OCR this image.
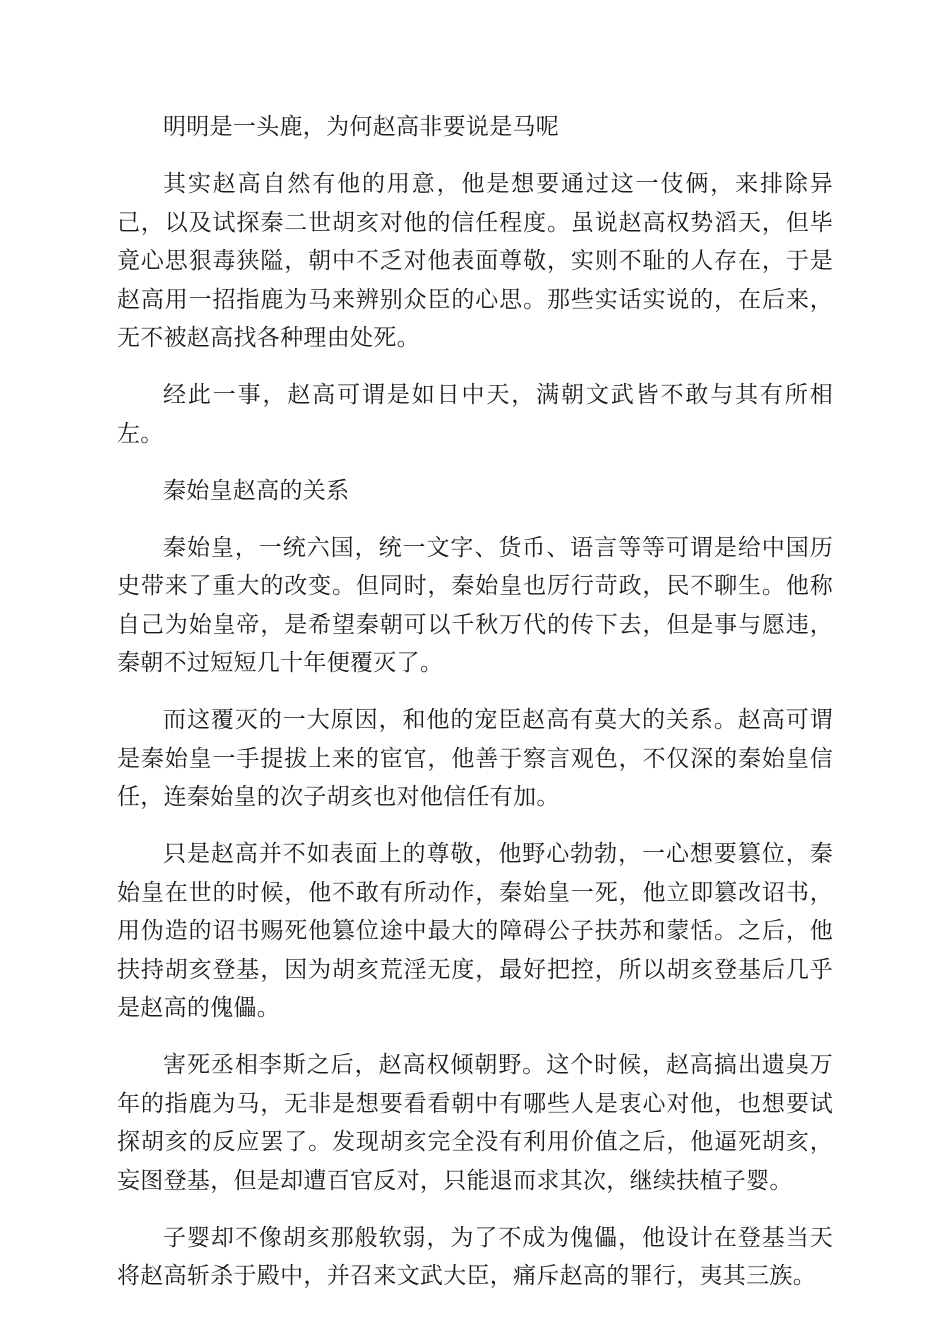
明明是一头鹿，为何赵高非要说是马呢

其实赵高自然有他的用意，他是想要通过这一伎俩，来排除异己，以及试探秦二世胡亥对他的信任程度。虽说赵高权势滔天，但毕竟心思狠毒狭隘，朝中不乏对他表面尊敬，实则不耻的人存在，于是赵高用一招指鹿为马来辨别众臣的心思。那些实话实说的，在后来，无不被赵高找各种理由处死。

经此一事，赵高可谓是如日中天，满朝文武皆不敢与其有所相左。

秦始皇赵高的关系

秦始皇，一统六国，统一文字、货币、语言等等可谓是给中国历史带来了重大的改变。但同时，秦始皇也厉行苛政，民不聊生。他称自己为始皇帝，是希望秦朝可以千秋万代的传下去，但是事与愿违，秦朝不过短短几十年便覆灭了。

而这覆灭的一大原因，和他的宠臣赵高有莫大的关系。赵高可谓是秦始皇一手提拔上来的宦官，他善于察言观色，不仅深的秦始皇信任，连秦始皇的次子胡亥也对他信任有加。

只是赵高并不如表面上的尊敬，他野心勃勃，一心想要篡位，秦始皇在世的时候，他不敢有所动作，秦始皇一死，他立即篡改诏书，用伪造的诏书赐死他篡位途中最大的障碍公子扶苏和蒙恬。之后，他扶持胡亥登基，因为胡亥荒淫无度，最好把控，所以胡亥登基后几乎是赵高的傀儡。

害死丞相李斯之后，赵高权倾朝野。这个时候，赵高搞出遗臭万年的指鹿为马，无非是想要看看朝中有哪些人是衷心对他，也想要试探胡亥的反应罢了。发现胡亥完全没有利用价值之后，他逼死胡亥，妄图登基，但是却遭百官反对，只能退而求其次，继续扶植子婴。

子婴却不像胡亥那般软弱，为了不成为傀儡，他设计在登基当天将赵高斩杀于殿中，并召来文武大臣，痛斥赵高的罪行，夷其三族。
